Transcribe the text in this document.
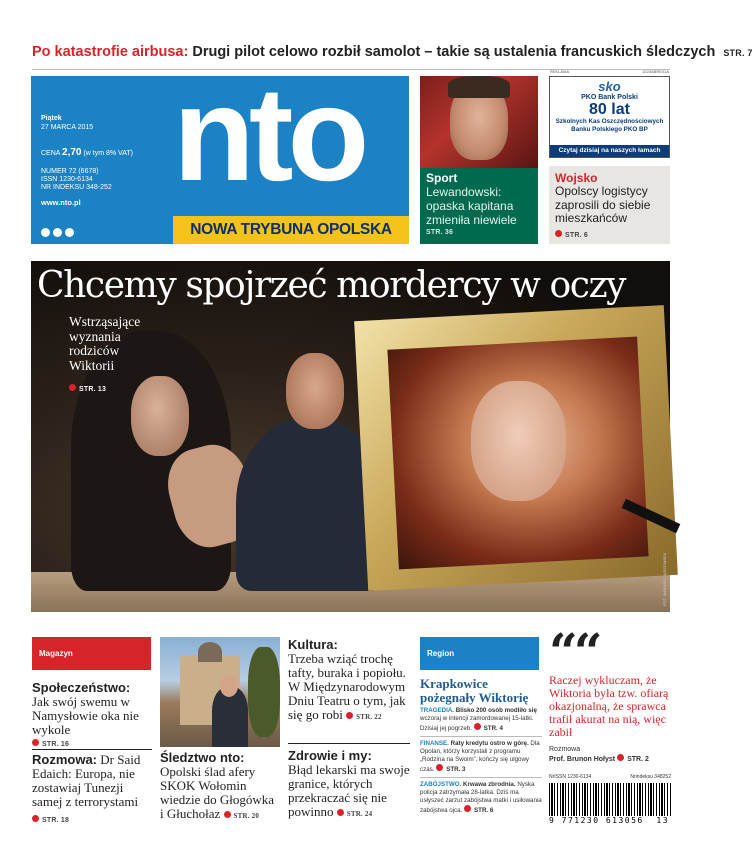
Po katastrofie airbusa: Drugi pilot celowo rozbił samolot – takie są ustalenia francuskich śledczych STR. 7
Piątek
27 MARCA 2015
CENA 2,70 (w tym 8% VAT)
NUMER 72 (6678)
ISSN 1230-6134
NR INDEKSU 348-252
www.nto.pl nto
NOWA TRYBUNA OPOLSKA
Sport
Lewandowski: opaska kapitana zmieniła niewiele
STR. 36
REKLAMA	1023ABRE01A
sko
PKO Bank Polski
80 lat
Szkolnych Kas Oszczędnościowych
Banku Polskiego PKO BP
Czytaj dzisiaj na naszych łamach
Wojsko
Opolscy logistycy zaprosili do siebie mieszkańców
STR. 6
Chcemy spojrzeć mordercy w oczy
Wstrząsające
wyznania
rodziców
Wiktorii
STR. 13
FOT. MARIUSZ JARZOMBEK
Magazyn
Społeczeństwo:
Jak swój swemu w Namysłowie oka nie wykole
STR. 16
Rozmowa: Dr Said Edaich: Europa, nie zostawiaj Tunezji samej z terrorystami
STR. 18
Śledztwo nto:
Opolski ślad afery SKOK Wołomin wiedzie do Głogówka i Głuchołaz STR. 20
Kultura:
Trzeba wziąć trochę tafty, buraka i popiołu. W Międzynarodowym Dniu Teatru o tym, jak się go robi STR. 22
Zdrowie i my:
Błąd lekarski ma swoje granice, których przekraczać się nie powinno STR. 24
Region
Krapkowice pożegnały Wiktorię
TRAGEDIA. Blisko 200 osób modliło się wczoraj w intencji zamordowanej 15-latki. Dzisiaj jej pogrzeb. STR. 4
FINANSE. Raty kredytu ostro w górę. Dla Opolan, którzy korzystali z programu „Rodzina na Swoim”, kończy się ulgowy czas. STR. 3
ZABÓJSTWO. Krwawa zbrodnia. Nyska policja zatrzymała 28-latka. Dziś ma usłyszeć zarzut zabójstwa matki i usiłowania zabójstwa ojca. STR. 6
““
Raczej wykluczam, że Wiktoria była tzw. ofiarą okazjonalną, że sprawca trafił akurat na nią, więc zabił
Rozmowa
Prof. Brunon Hołyst STR. 2
NrISSN 1230-6134	Nrindeksu 348252
9 771230 613056 13
